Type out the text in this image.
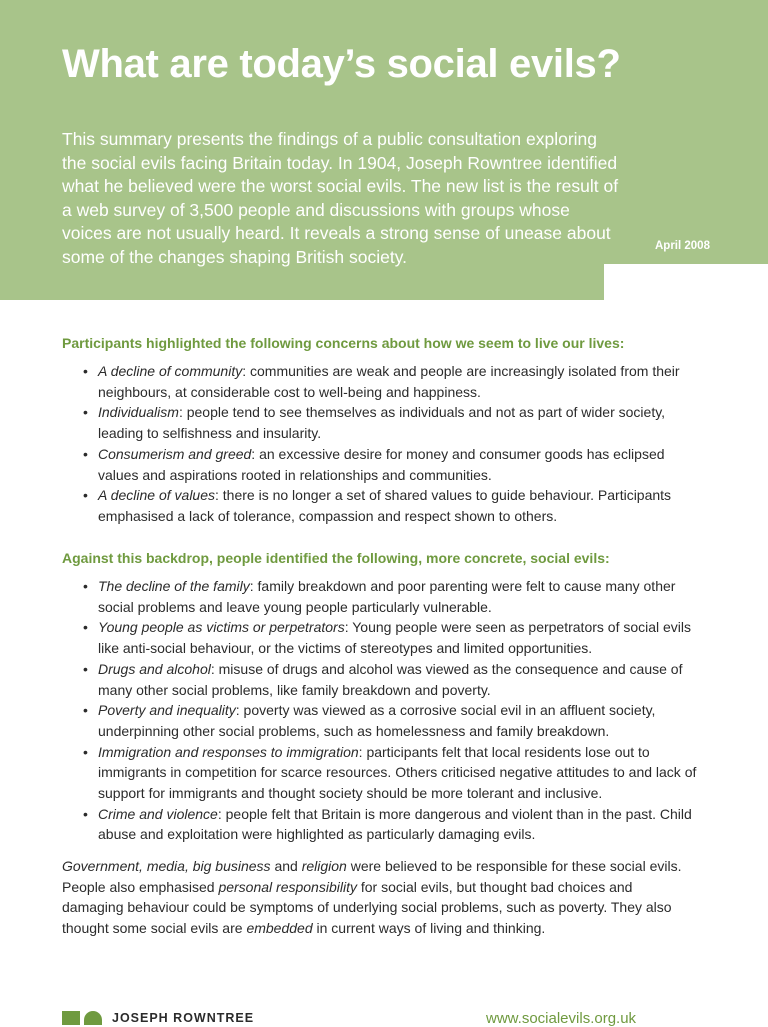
What are today’s social evils?

This summary presents the findings of a public consultation exploring the social evils facing Britain today. In 1904, Joseph Rowntree identified what he believed were the worst social evils. The new list is the result of a web survey of 3,500 people and discussions with groups whose voices are not usually heard. It reveals a strong sense of unease about some of the changes shaping British society.

April 2008
Participants highlighted the following concerns about how we seem to live our lives:
• A decline of community: communities are weak and people are increasingly isolated from their neighbours, at considerable cost to well-being and happiness.
• Individualism: people tend to see themselves as individuals and not as part of wider society, leading to selfishness and insularity.
• Consumerism and greed: an excessive desire for money and consumer goods has eclipsed values and aspirations rooted in relationships and communities.
• A decline of values: there is no longer a set of shared values to guide behaviour. Participants emphasised a lack of tolerance, compassion and respect shown to others.
Against this backdrop, people identified the following, more concrete, social evils:
• The decline of the family: family breakdown and poor parenting were felt to cause many other social problems and leave young people particularly vulnerable.
• Young people as victims or perpetrators: Young people were seen as perpetrators of social evils like anti-social behaviour, or the victims of stereotypes and limited opportunities.
• Drugs and alcohol: misuse of drugs and alcohol was viewed as the consequence and cause of many other social problems, like family breakdown and poverty.
• Poverty and inequality: poverty was viewed as a corrosive social evil in an affluent society, underpinning other social problems, such as homelessness and family breakdown.
• Immigration and responses to immigration: participants felt that local residents lose out to immigrants in competition for scarce resources. Others criticised negative attitudes to and lack of support for immigrants and thought society should be more tolerant and inclusive.
• Crime and violence: people felt that Britain is more dangerous and violent than in the past. Child abuse and exploitation were highlighted as particularly damaging evils.

Government, media, big business and religion were believed to be responsible for these social evils. People also emphasised personal responsibility for social evils, but thought bad choices and damaging behaviour could be symptoms of underlying social problems, such as poverty. They also thought some social evils are embedded in current ways of living and thinking.

JOSEPH ROWNTREE	www.socialevils.org.uk
